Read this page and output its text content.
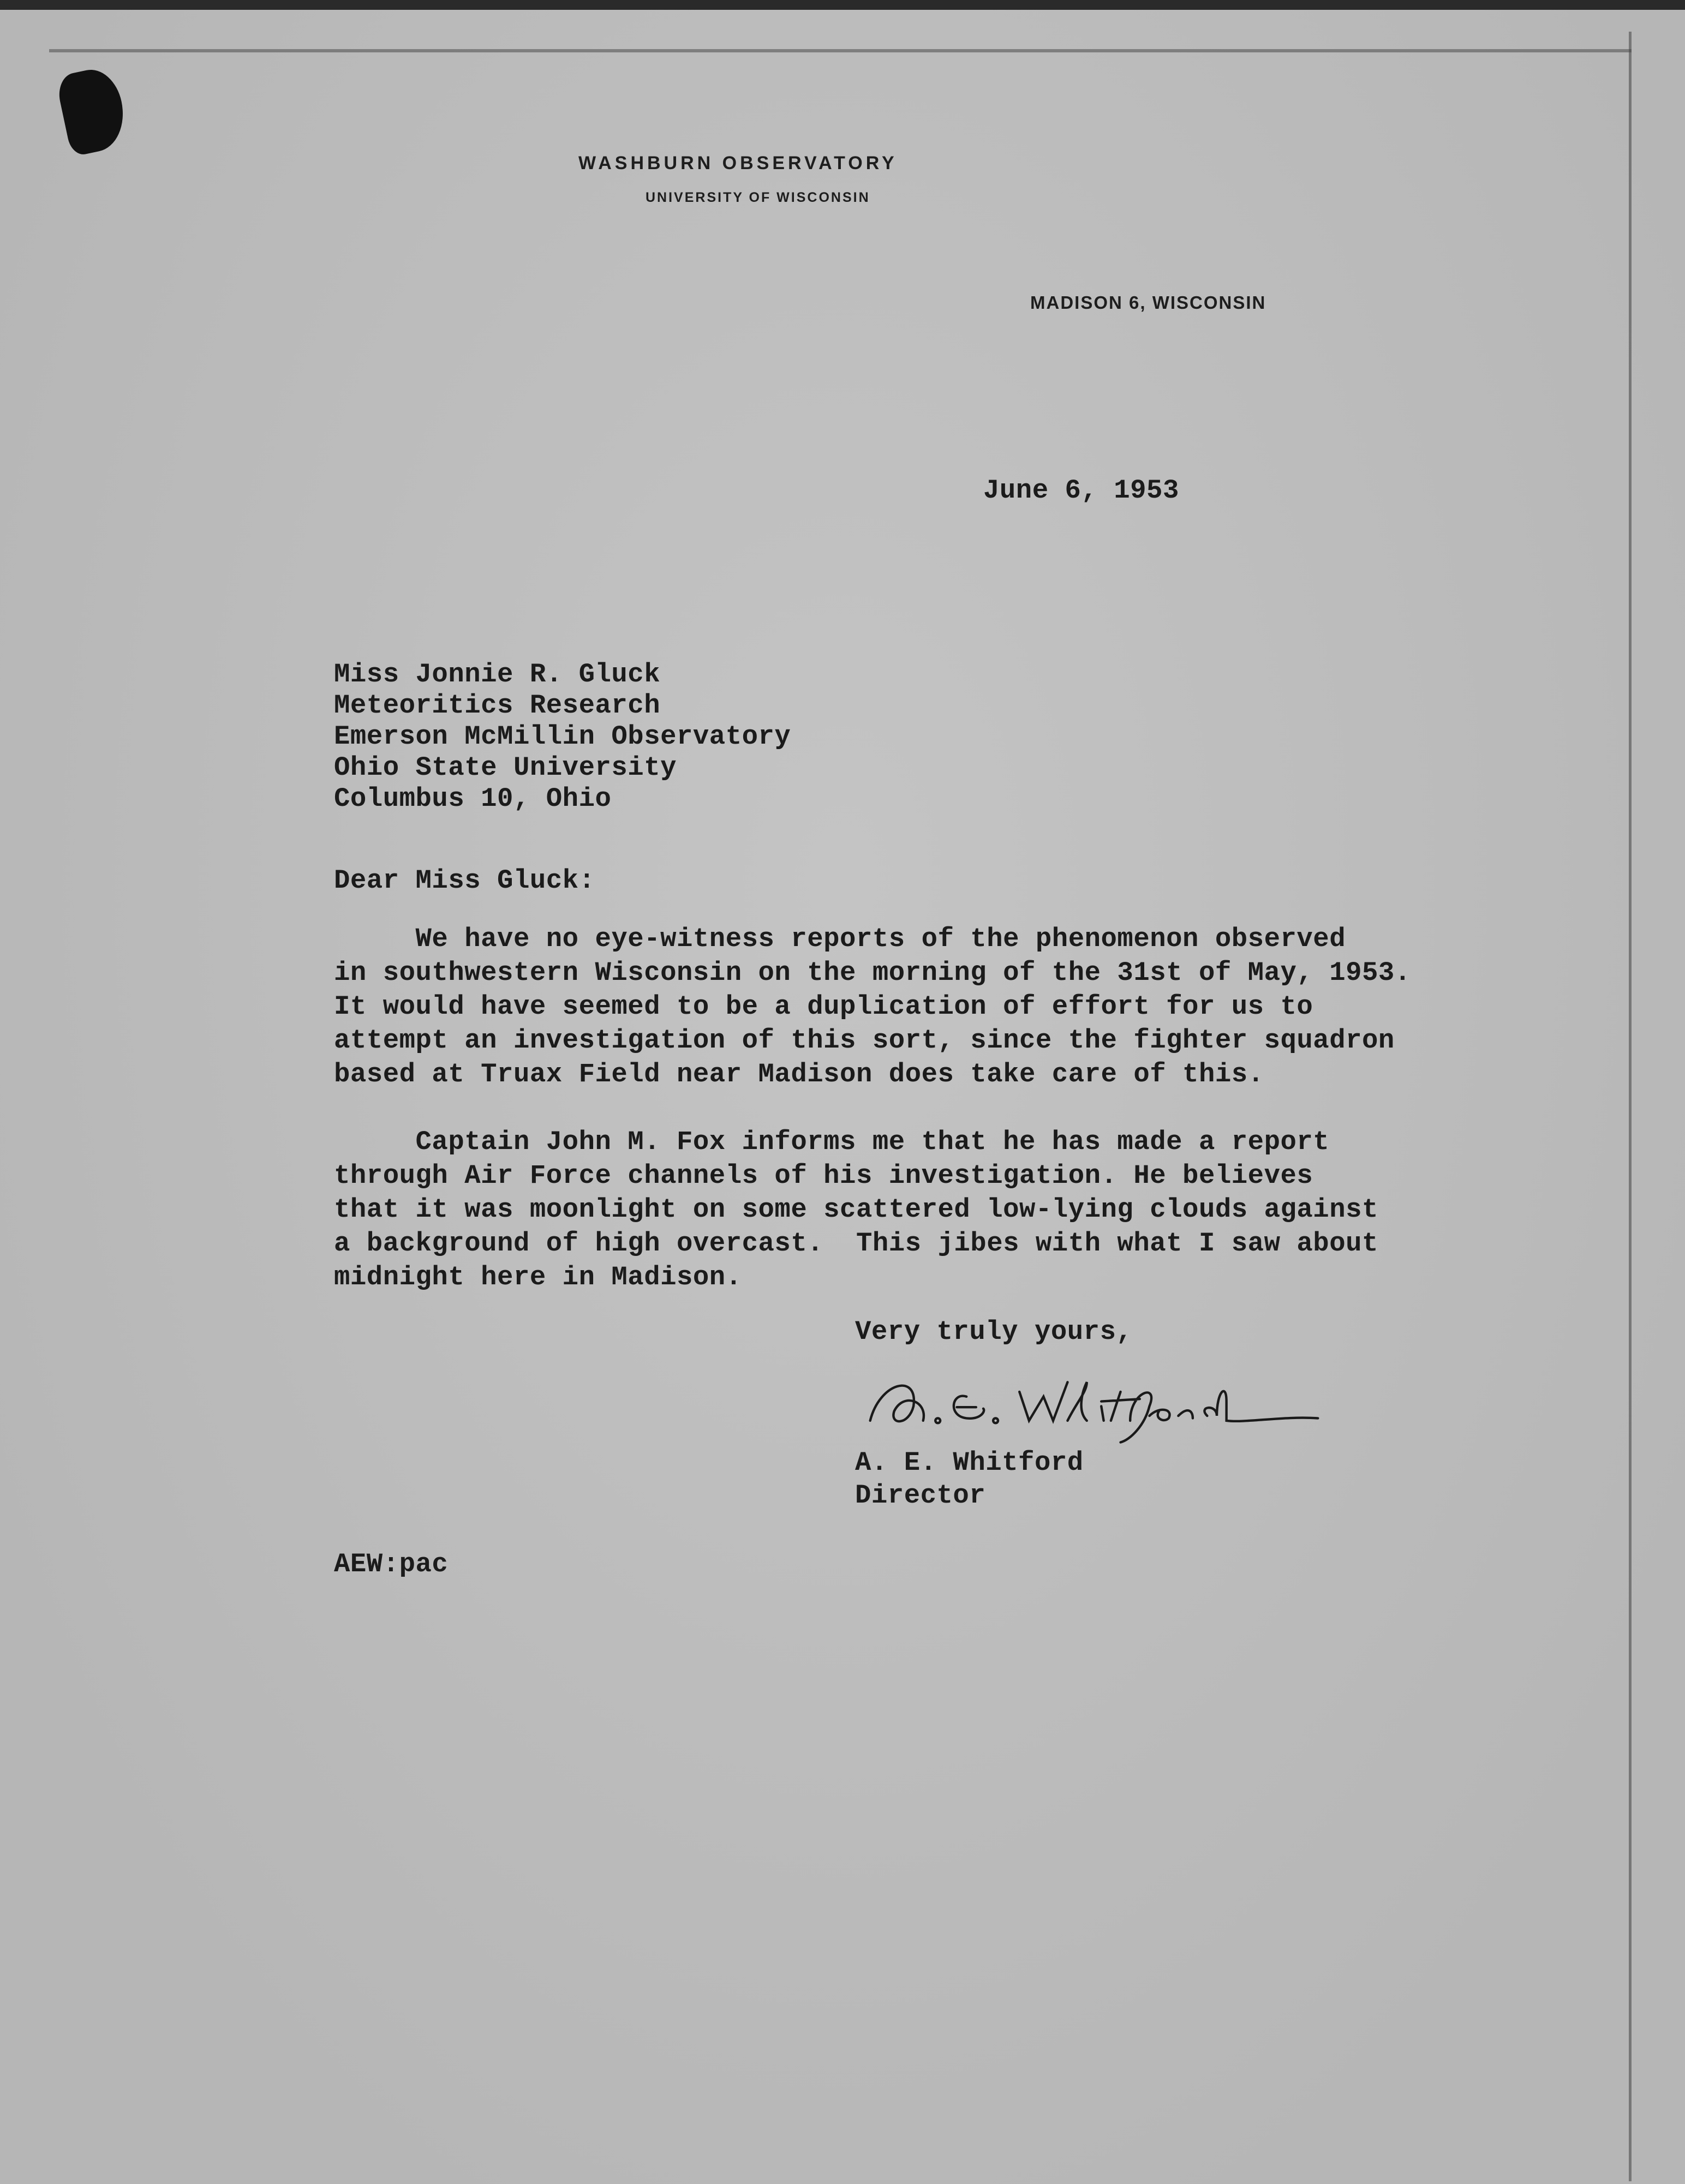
WASHBURN OBSERVATORY
UNIVERSITY OF WISCONSIN
MADISON 6, WISCONSIN
June 6, 1953
Miss Jonnie R. Gluck
Meteoritics Research
Emerson McMillin Observatory
Ohio State University
Columbus 10, Ohio
Dear Miss Gluck:
We have no eye-witness reports of the phenomenon observed
in southwestern Wisconsin on the morning of the 31st of May, 1953.
It would have seemed to be a duplication of effort for us to
attempt an investigation of this sort, since the fighter squadron
based at Truax Field near Madison does take care of this.
Captain John M. Fox informs me that he has made a report
through Air Force channels of his investigation. He believes
that it was moonlight on some scattered low-lying clouds against
a background of high overcast.  This jibes with what I saw about
midnight here in Madison.
Very truly yours,
A. E. Whitford
Director
AEW:pac
